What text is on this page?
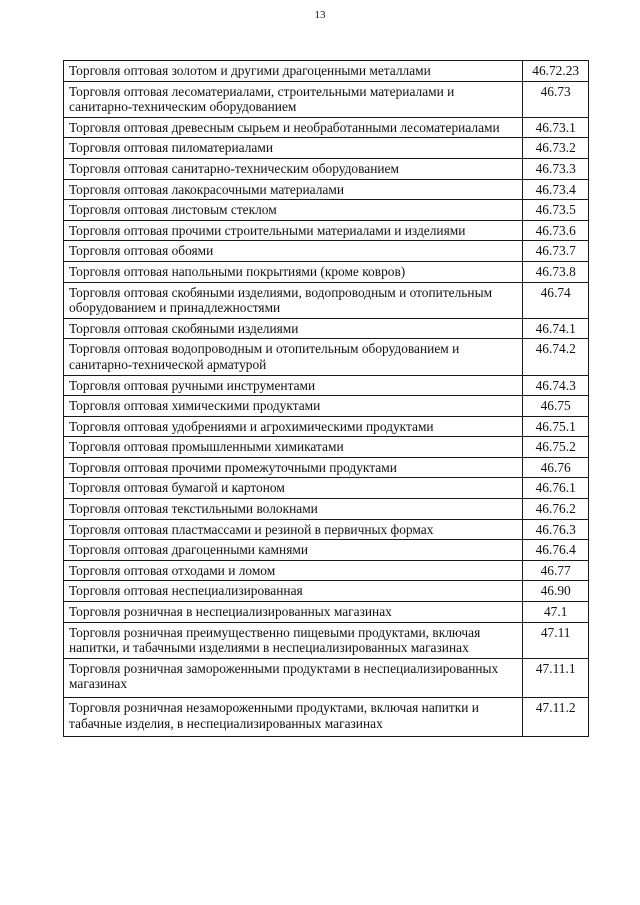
13
Торговля оптовая золотом и другими драгоценными металлами	46.72.23
Торговля оптовая лесоматериалами, строительными материалами и санитарно-техническим оборудованием	46.73
Торговля оптовая древесным сырьем и необработанными лесоматериалами	46.73.1
Торговля оптовая пиломатериалами	46.73.2
Торговля оптовая санитарно-техническим оборудованием	46.73.3
Торговля оптовая лакокрасочными материалами	46.73.4
Торговля оптовая листовым стеклом	46.73.5
Торговля оптовая прочими строительными материалами и изделиями	46.73.6
Торговля оптовая обоями	46.73.7
Торговля оптовая напольными покрытиями (кроме ковров)	46.73.8
Торговля оптовая скобяными изделиями, водопроводным и отопительным оборудованием и принадлежностями	46.74
Торговля оптовая скобяными изделиями	46.74.1
Торговля оптовая водопроводным и отопительным оборудованием и санитарно-технической арматурой	46.74.2
Торговля оптовая ручными инструментами	46.74.3
Торговля оптовая химическими продуктами	46.75
Торговля оптовая удобрениями и агрохимическими продуктами	46.75.1
Торговля оптовая промышленными химикатами	46.75.2
Торговля оптовая прочими промежуточными продуктами	46.76
Торговля оптовая бумагой и картоном	46.76.1
Торговля оптовая текстильными волокнами	46.76.2
Торговля оптовая пластмассами и резиной в первичных формах	46.76.3
Торговля оптовая драгоценными камнями	46.76.4
Торговля оптовая отходами и ломом	46.77
Торговля оптовая неспециализированная	46.90
Торговля розничная в неспециализированных магазинах	47.1
Торговля розничная преимущественно пищевыми продуктами, включая напитки, и табачными изделиями в неспециализированных магазинах	47.11
Торговля розничная замороженными продуктами в неспециализированных магазинах	47.11.1
Торговля розничная незамороженными продуктами, включая напитки и табачные изделия, в неспециализированных магазинах	47.11.2
